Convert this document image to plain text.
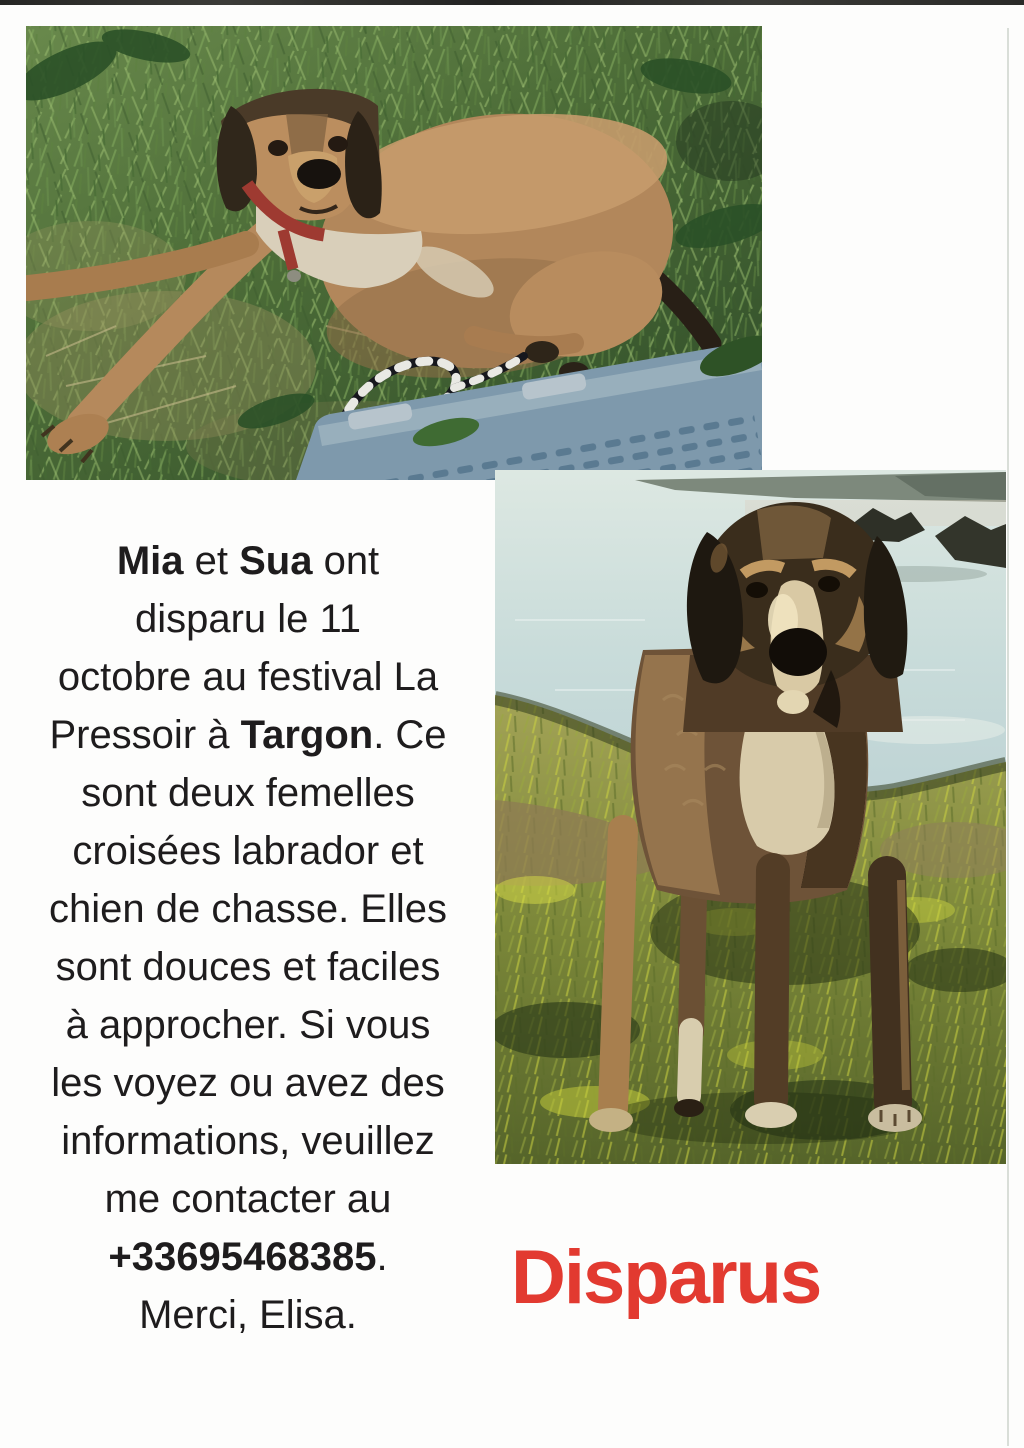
Mia et Sua ont
disparu le 11
octobre au festival La
Pressoir à Targon. Ce
sont deux femelles
croisées labrador et
chien de chasse. Elles
sont douces et faciles
à approcher. Si vous
les voyez ou avez des
informations, veuillez
me contacter au
+33695468385.
Merci, Elisa.	Disparus
